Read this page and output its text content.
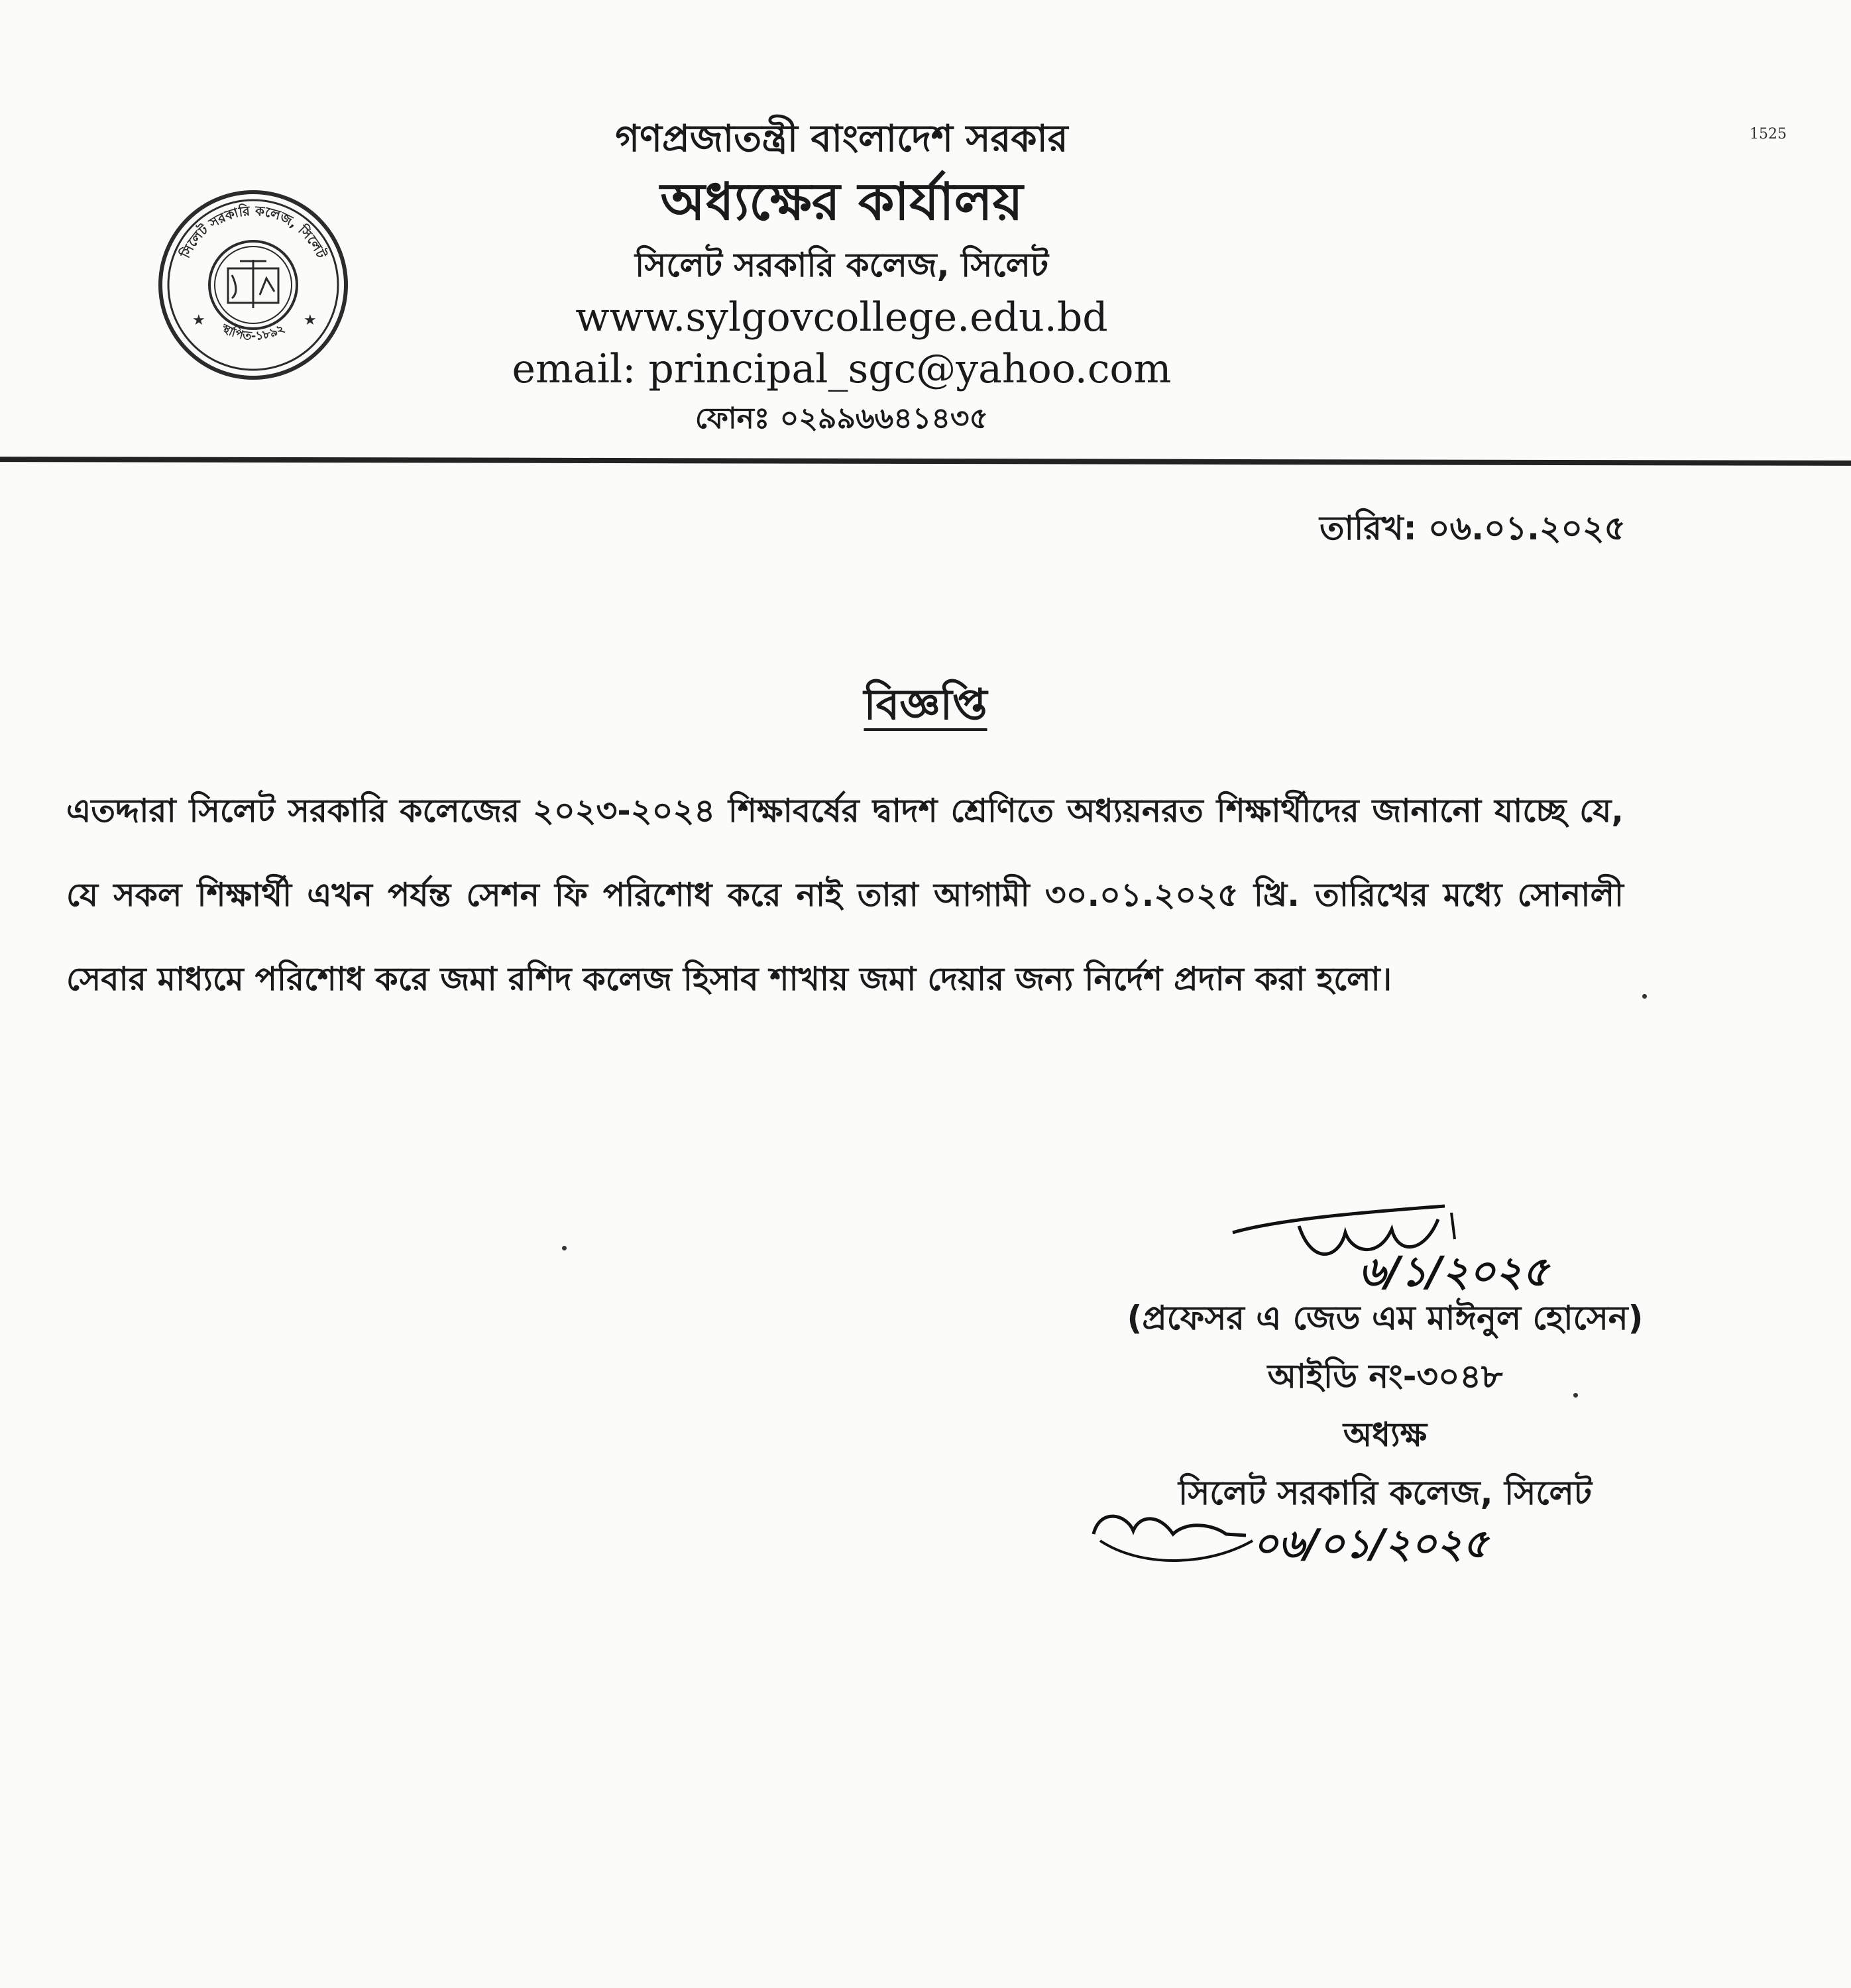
সিলেট সরকারি কলেজ, সিলেট
স্থাপিত-১৮৯২
★	★
1525

গণপ্রজাতন্ত্রী বাংলাদেশ সরকার

অধ্যক্ষের কার্যালয়

সিলেট সরকারি কলেজ, সিলেট

www.sylgovcollege.edu.bd

email: principal_sgc@yahoo.com

ফোনঃ ০২৯৯৬৬৪১৪৩৫

তারিখ: ০৬.০১.২০২৫
বিজ্ঞপ্তি

এতদ্দারা সিলেট সরকারি কলেজের ২০২৩-২০২৪ শিক্ষাবর্ষের দ্বাদশ শ্রেণিতে অধ্যয়নরত শিক্ষার্থীদের জানানো যাচ্ছে যে, যে সকল শিক্ষার্থী এখন পর্যন্ত সেশন ফি পরিশোধ করে নাই তারা আগামী ৩০.০১.২০২৫ খ্রি. তারিখের মধ্যে সোনালী সেবার মাধ্যমে পরিশোধ করে জমা রশিদ কলেজ হিসাব শাখায় জমা দেয়ার জন্য নির্দেশ প্রদান করা হলো।

৬/১/২০২৫

(প্রফেসর এ জেড এম মাঈনুল হোসেন)

আইডি নং-৩০৪৮

অধ্যক্ষ

সিলেট সরকারি কলেজ, সিলেট

০৬/০১/২০২৫
